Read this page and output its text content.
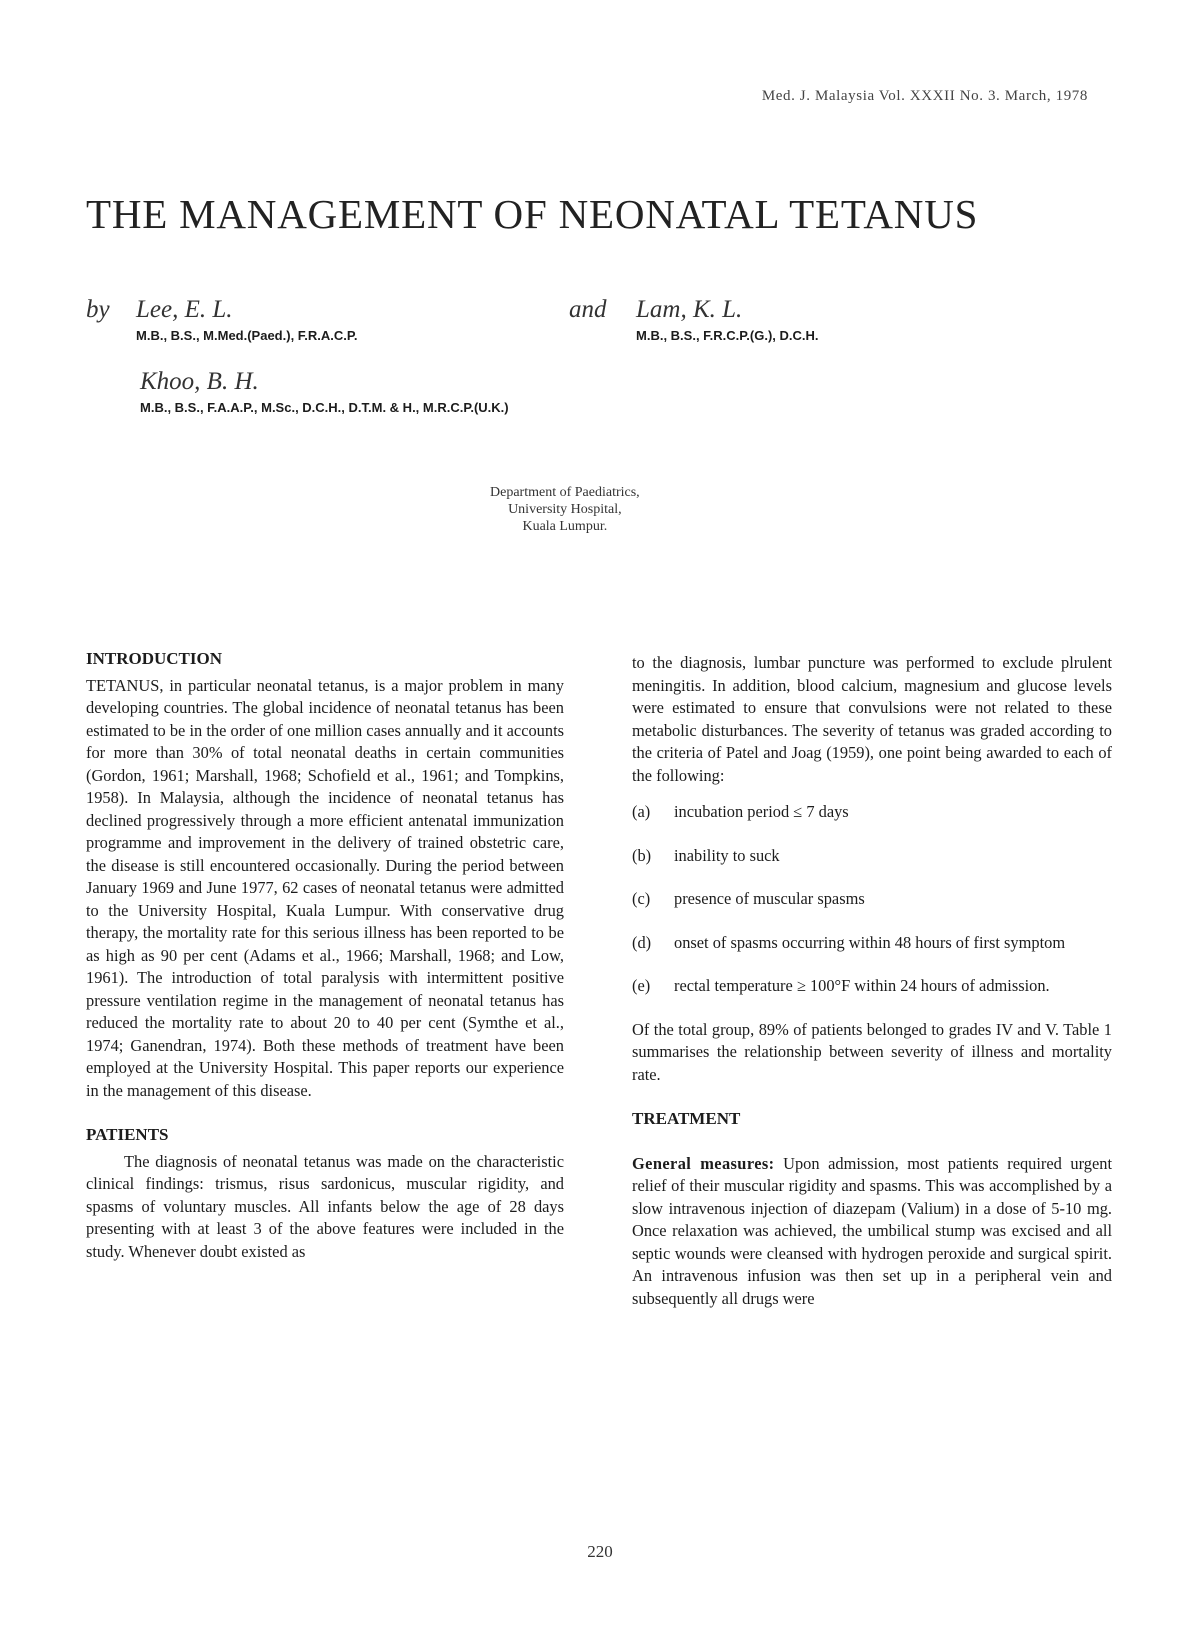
Med. J. Malaysia Vol. XXXII No. 3. March, 1978
THE MANAGEMENT OF NEONATAL TETANUS
by Lee, E. L.
M.B., B.S., M.Med.(Paed.), F.R.A.C.P.
and Lam, K. L.
M.B., B.S., F.R.C.P.(G.), D.C.H.
Khoo, B. H.
M.B., B.S., F.A.A.P., M.Sc., D.C.H., D.T.M. & H., M.R.C.P.(U.K.)
Department of Paediatrics,
University Hospital,
Kuala Lumpur.
INTRODUCTION

TETANUS, in particular neonatal tetanus, is a major problem in many developing countries. The global incidence of neonatal tetanus has been estimated to be in the order of one million cases annually and it accounts for more than 30% of total neonatal deaths in certain communities (Gordon, 1961; Marshall, 1968; Schofield et al., 1961; and Tompkins, 1958). In Malaysia, although the incidence of neonatal tetanus has declined progressively through a more efficient antenatal immunization programme and improvement in the delivery of trained obstetric care, the disease is still encountered occasionally. During the period between January 1969 and June 1977, 62 cases of neonatal tetanus were admitted to the University Hospital, Kuala Lumpur. With conservative drug therapy, the mortality rate for this serious illness has been reported to be as high as 90 per cent (Adams et al., 1966; Marshall, 1968; and Low, 1961). The introduction of total paralysis with intermittent positive pressure ventilation regime in the management of neonatal tetanus has reduced the mortality rate to about 20 to 40 per cent (Symthe et al., 1974; Ganendran, 1974). Both these methods of treatment have been employed at the University Hospital. This paper reports our experience in the management of this disease.

PATIENTS

The diagnosis of neonatal tetanus was made on the characteristic clinical findings: trismus, risus sardonicus, muscular rigidity, and spasms of voluntary muscles. All infants below the age of 28 days presenting with at least 3 of the above features were included in the study. Whenever doubt existed as

to the diagnosis, lumbar puncture was performed to exclude plrulent meningitis. In addition, blood calcium, magnesium and glucose levels were estimated to ensure that convulsions were not related to these metabolic disturbances. The severity of tetanus was graded according to the criteria of Patel and Joag (1959), one point being awarded to each of the following:

(a)	incubation period ≤ 7 days
(b)	inability to suck
(c)	presence of muscular spasms
(d)	onset of spasms occurring within 48 hours of first symptom
(e)	rectal temperature ≥ 100°F within 24 hours of admission.

Of the total group, 89% of patients belonged to grades IV and V. Table 1 summarises the relationship between severity of illness and mortality rate.

TREATMENT

General measures: Upon admission, most patients required urgent relief of their muscular rigidity and spasms. This was accomplished by a slow intravenous injection of diazepam (Valium) in a dose of 5-10 mg. Once relaxation was achieved, the umbilical stump was excised and all septic wounds were cleansed with hydrogen peroxide and surgical spirit. An intravenous infusion was then set up in a peripheral vein and subsequently all drugs were

220
